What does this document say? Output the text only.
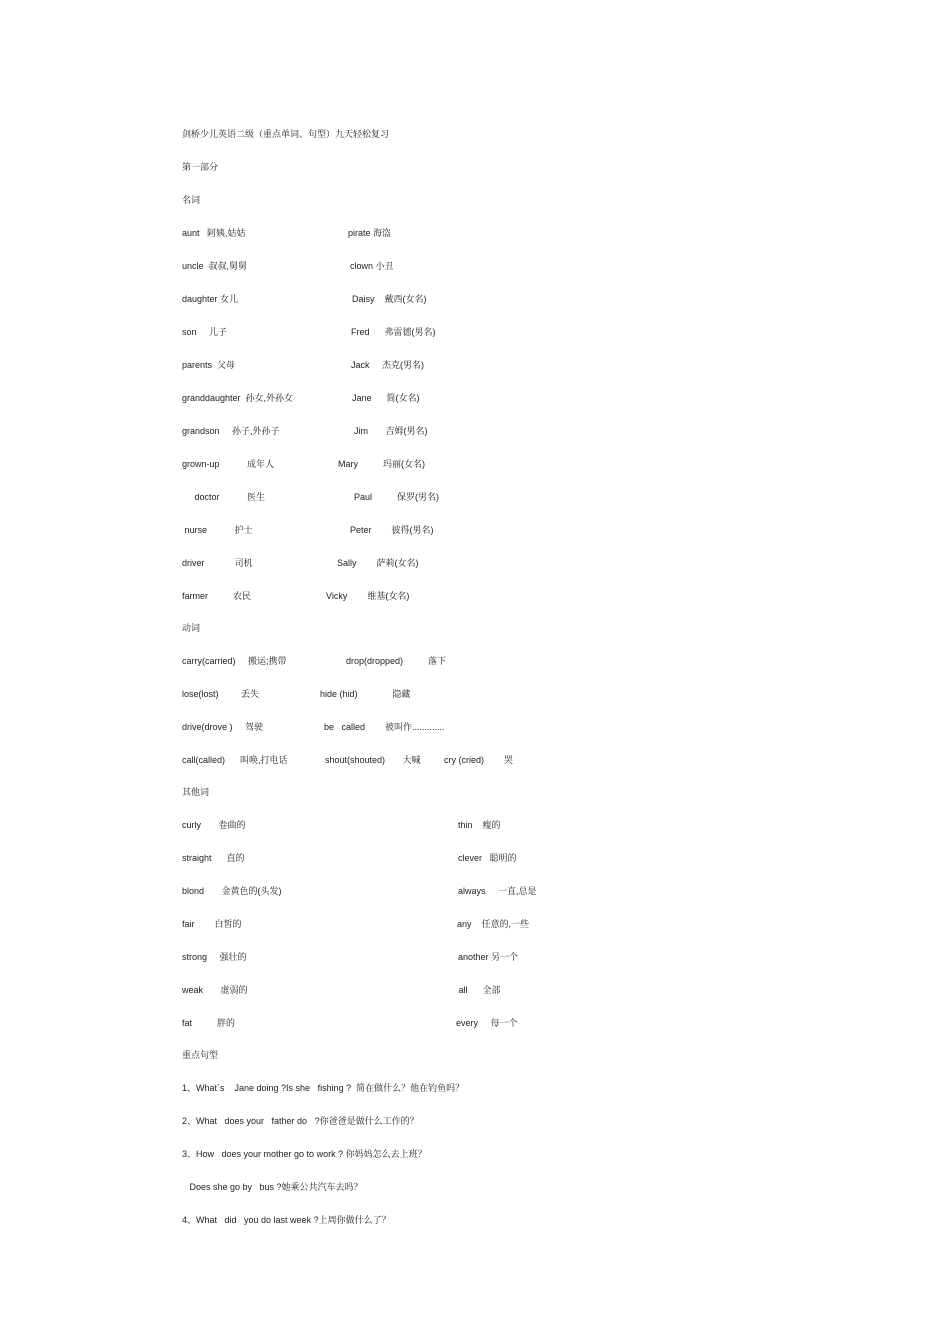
剑桥少儿英语二级（重点单词、句型）九天轻松复习
第一部分
名词
aunt   阿姨,姑姑	pirate 海盗
uncle  叔叔,舅舅	clown 小丑
daughter 女儿	Daisy    戴西(女名)
son     儿子	Fred      弗雷德(男名)
parents  父母	Jack     杰克(男名)
granddaughter  孙女,外孙女	Jane      简(女名)
grandson     孙子,外孙子	Jim       吉姆(男名)
grown-up           成年人	Mary          玛丽(女名)
doctor           医生	Paul          保罗(男名)
nurse           护士	Peter        彼得(男名)
driver            司机	Sally        萨莉(女名)
farmer          农民	Vicky        维基(女名)
动词
carry(carried)     搬运;携带	drop(dropped)          落下
lose(lost)         丢失	hide (hid)              隐藏
drive(drove )     驾驶	be   called        被叫作.............
call(called)      叫唤,打电话	shout(shouted)       大喊	cry (cried)        哭
其他词
curly       卷曲的	thin    瘦的
straight      直的	clever   聪明的
blond       金黄色的(头发)	always     一直,总是
fair        白皙的	any    任意的,一些
strong     强壮的	another 另一个
weak       虚弱的	all      全部
fat          胖的	every     每一个
重点句型
1、What`s    Jane doing ?Is she   fishing ?  简在做什么？他在钓鱼吗？
2、What   does your   father do   ?你爸爸是做什么工作的？
3、How   does your mother go to work ? 你妈妈怎么去上班？
Does she go by   bus ?她乘公共汽车去吗？
4、What   did   you do last week ?上周你做什么了？
